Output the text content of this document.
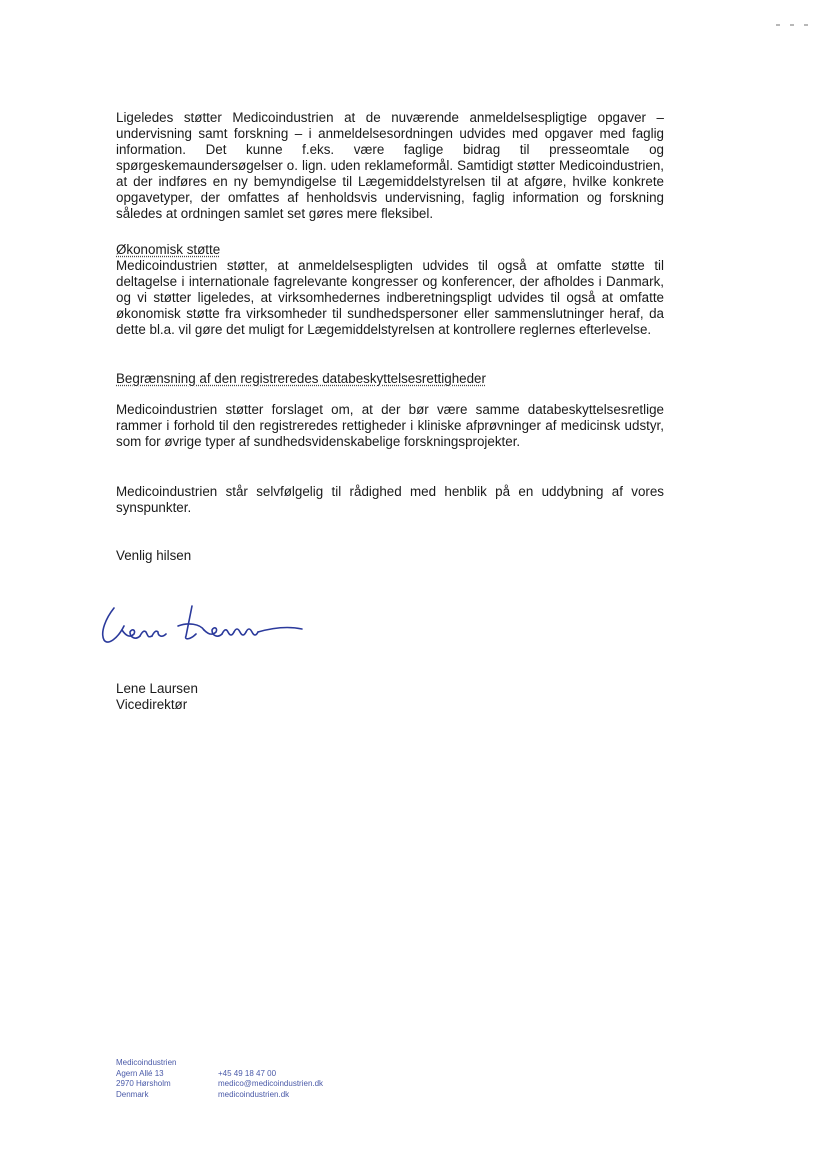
Ligeledes støtter Medicoindustrien at de nuværende anmeldelsespligtige opgaver – undervisning samt forskning – i anmeldelsesordningen udvides med opgaver med faglig information. Det kunne f.eks. være faglige bidrag til presseomtale og spørgeskemaundersøgelser o. lign. uden reklameformål. Samtidigt støtter Medicoindustrien, at der indføres en ny bemyndigelse til Lægemiddelstyrelsen til at afgøre, hvilke konkrete opgavetyper, der omfattes af henholdsvis undervisning, faglig information og forskning således at ordningen samlet set gøres mere fleksibel.

Økonomisk støtte

Medicoindustrien støtter, at anmeldelsespligten udvides til også at omfatte støtte til deltagelse i internationale fagrelevante kongresser og konferencer, der afholdes i Danmark, og vi støtter ligeledes, at virksomhedernes indberetningspligt udvides til også at omfatte økonomisk støtte fra virksomheder til sundhedspersoner eller sammenslutninger heraf, da dette bl.a. vil gøre det muligt for Lægemiddelstyrelsen at kontrollere reglernes efterlevelse.

Begrænsning af den registreredes databeskyttelsesrettigheder

Medicoindustrien støtter forslaget om, at der bør være samme databeskyttelsesretlige rammer i forhold til den registreredes rettigheder i kliniske afprøvninger af medicinsk udstyr, som for øvrige typer af sundhedsvidenskabelige forskningsprojekter.

Medicoindustrien står selvfølgelig til rådighed med henblik på en uddybning af vores synspunkter.

Venlig hilsen

Lene Laursen

Vicedirektør

Medicoindustrien
Agern Allé 13
2970 Hørsholm
Denmark
+45 49 18 47 00
medico@medicoindustrien.dk
medicoindustrien.dk
